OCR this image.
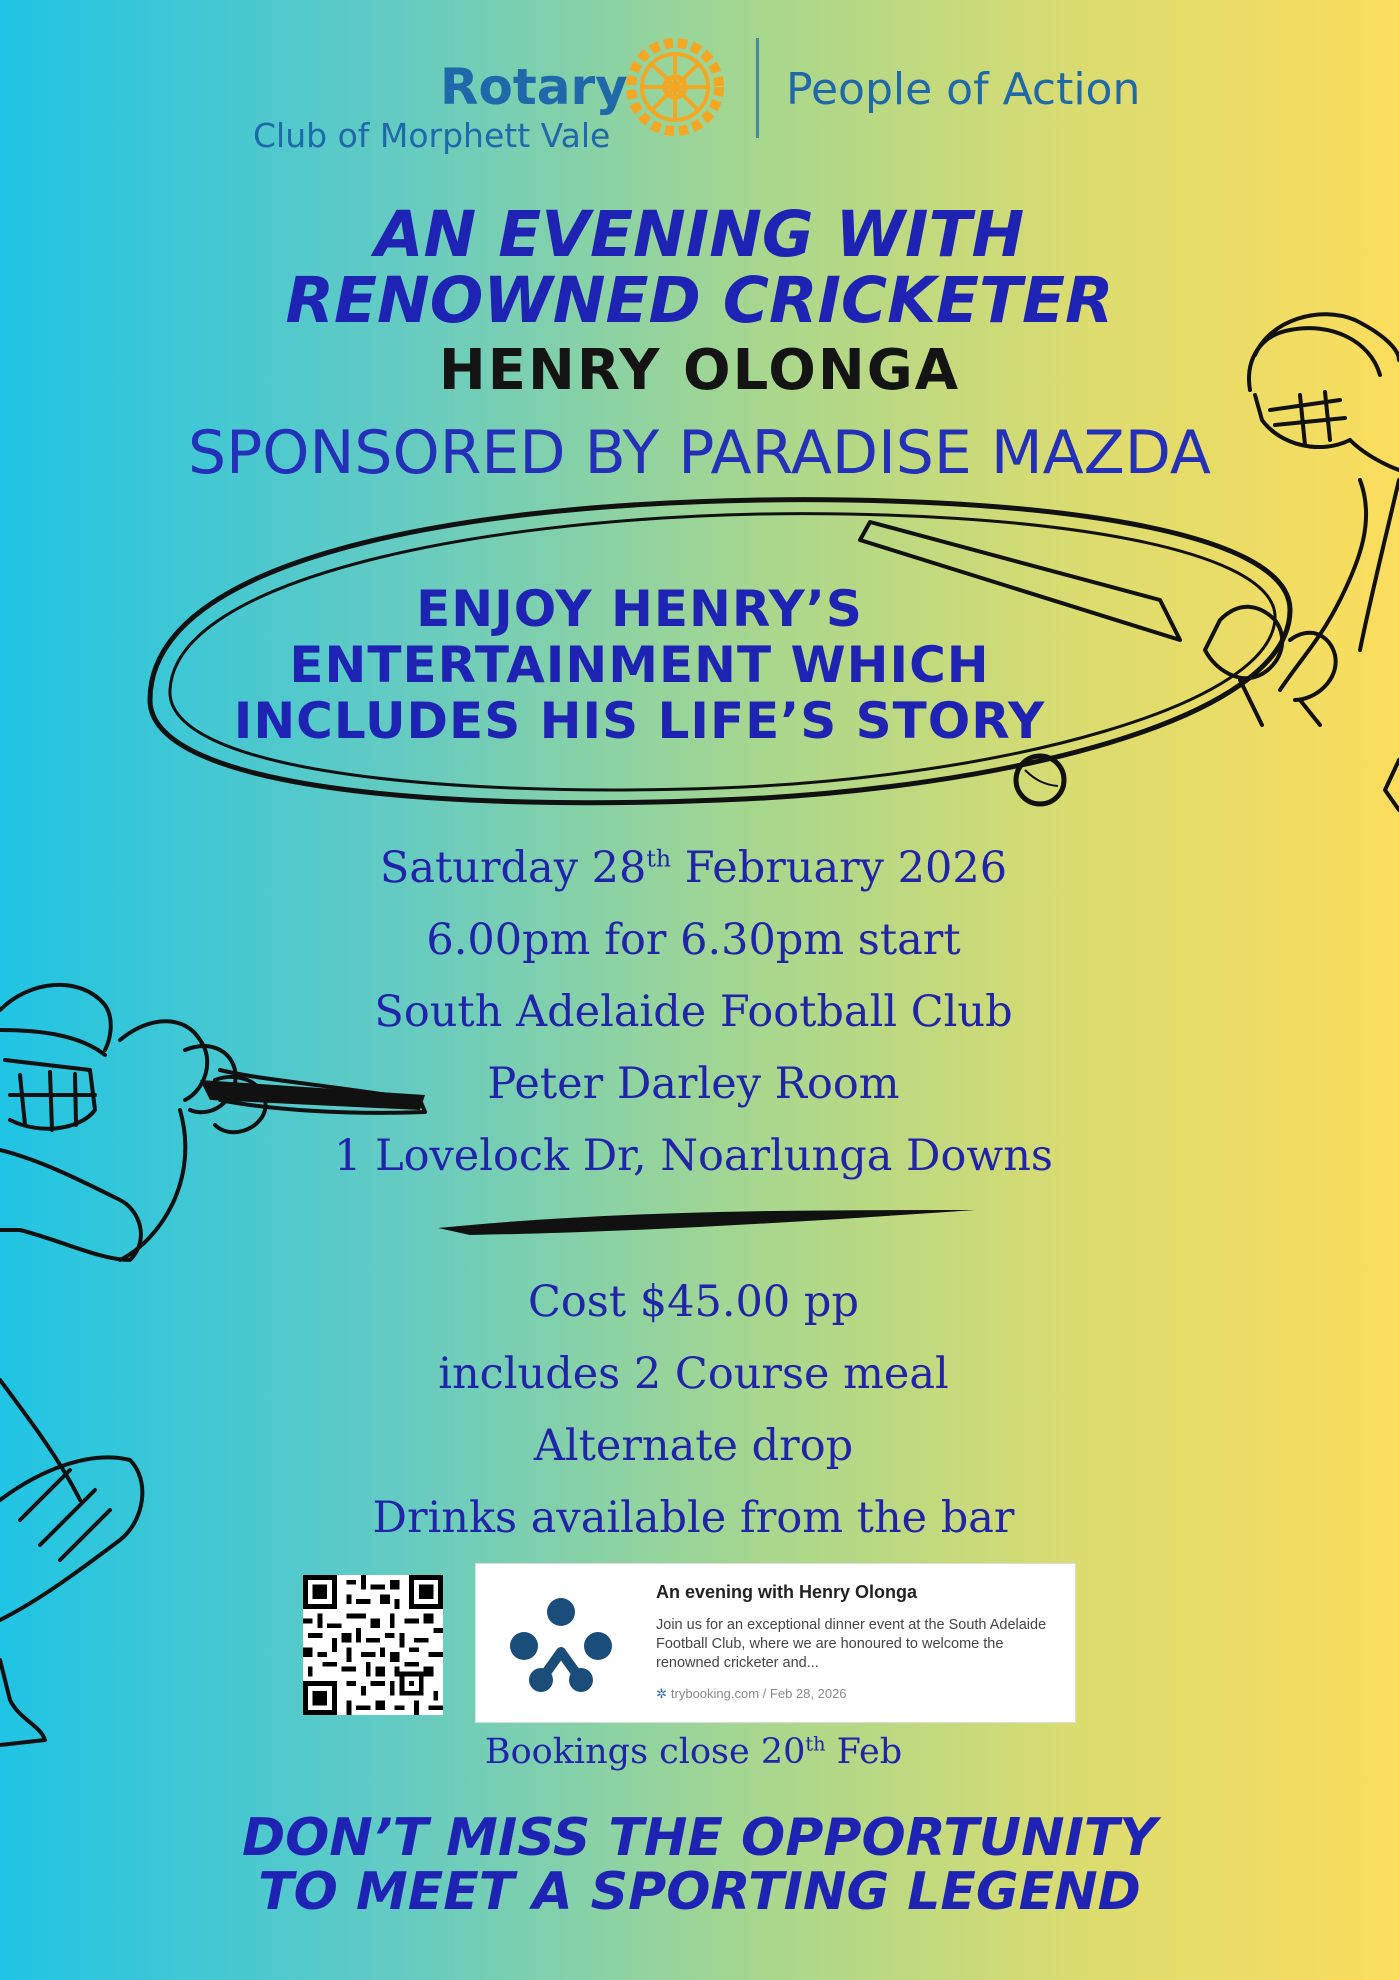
Rotary
Club of Morphett Vale
People of Action
AN EVENING WITH
RENOWNED CRICKETER
HENRY OLONGA
SPONSORED BY PARADISE MAZDA
ENJOY HENRY’S
ENTERTAINMENT WHICH
INCLUDES HIS LIFE’S STORY
Saturday 28th February 2026
6.00pm for 6.30pm start
South Adelaide Football Club
Peter Darley Room
1 Lovelock Dr, Noarlunga Downs
Cost $45.00 pp
includes 2 Course meal
Alternate drop
Drinks available from the bar
An evening with Henry Olonga
Join us for an exceptional dinner event at the South Adelaide Football Club, where we are honoured to welcome the renowned cricketer and...
✲ trybooking.com / Feb 28, 2026
Bookings close 20th Feb
DON’T MISS THE OPPORTUNITY
TO MEET A SPORTING LEGEND
